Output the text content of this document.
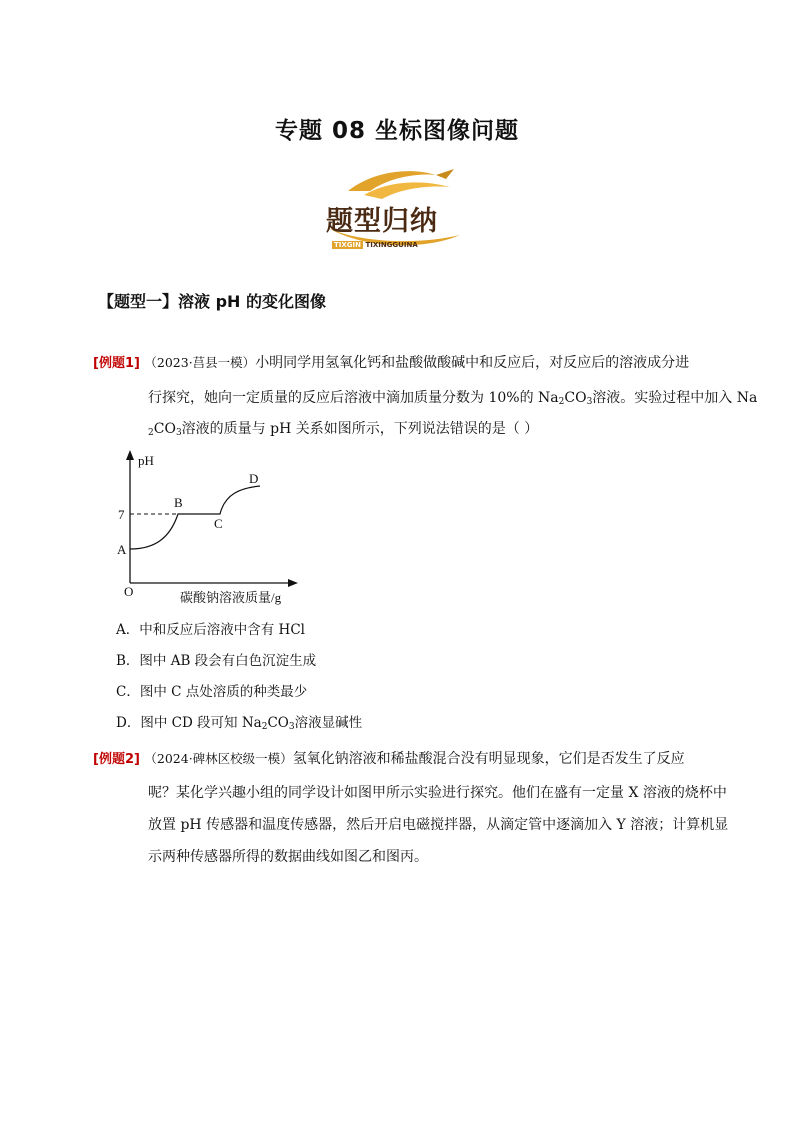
专题 08 坐标图像问题
题型归纳
TIXGIN TIXINGGUINA
【题型一】溶液 pH 的变化图像
[例题1] （2023·莒县一模）小明同学用氢氧化钙和盐酸做酸碱中和反应后，对反应后的溶液成分进
行探究，她向一定质量的反应后溶液中滴加质量分数为 10%的 $Na_2CO_3$溶液。实验过程中加入 Na
$_2CO_3$溶液的质量与 pH 关系如图所示，下列说法错误的是（ ）
pH
7
A
B
C
D
O	碳酸钠溶液质量/g
A．中和反应后溶液中含有 HCl
B．图中 AB 段会有白色沉淀生成
C．图中 C 点处溶质的种类最少
D．图中 CD 段可知 $Na_2CO_3$溶液显碱性
[例题2] （2024·碑林区校级一模）氢氧化钠溶液和稀盐酸混合没有明显现象，它们是否发生了反应
呢？某化学兴趣小组的同学设计如图甲所示实验进行探究。他们在盛有一定量 X 溶液的烧杯中
放置 pH 传感器和温度传感器，然后开启电磁搅拌器，从滴定管中逐滴加入 Y 溶液；计算机显
示两种传感器所得的数据曲线如图乙和图丙。
